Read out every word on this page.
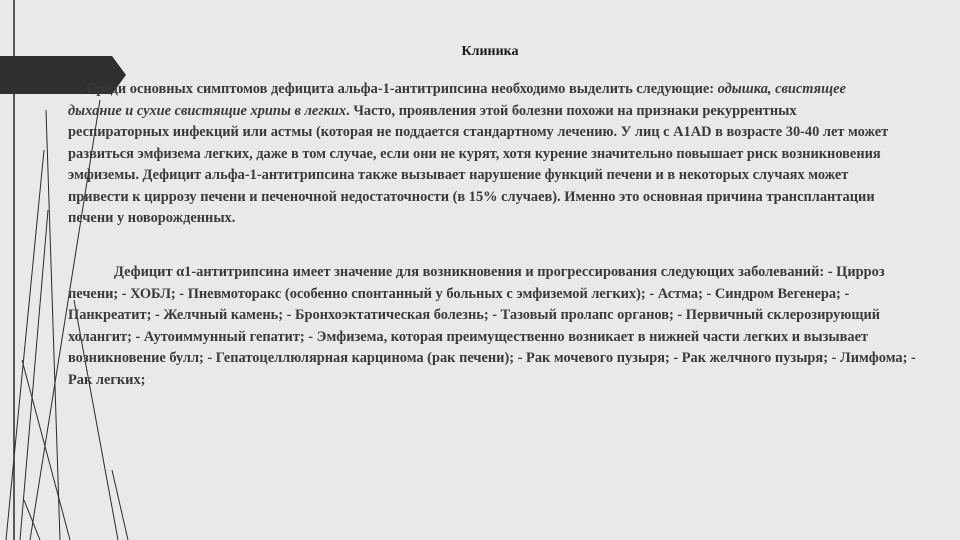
Клиника

Среди основных симптомов дефицита альфа-1-антитрипсина необходимо выделить следующие: одышка, свистящее дыхание и сухие свистящие хрипы в легких. Часто, проявления этой болезни похожи на признаки рекуррентных респираторных инфекций или астмы (которая не поддается стандартному лечению. У лиц с A1AD в возрасте 30-40 лет может развиться эмфизема легких, даже в том случае, если они не курят, хотя курение значительно повышает риск возникновения эмфиземы. Дефицит альфа-1-антитрипсина также вызывает нарушение функций печени и в некоторых случаях может привести к циррозу печени и печеночной недостаточности (в 15% случаев). Именно это основная причина трансплантации печени у новорожденных.

Дефицит α1-антитрипсина имеет значение для возникновения и прогрессирования следующих заболеваний: - Цирроз печени; - ХОБЛ; - Пневмоторакс (особенно спонтанный у больных с эмфиземой легких); - Астма; - Синдром Вегенера; - Панкреатит; - Желчный камень; - Бронхоэктатическая болезнь; - Тазовый пролапс органов; - Первичный склерозирующий холангит; - Аутоиммунный гепатит; - Эмфизема, которая преимущественно возникает в нижней части легких и вызывает возникновение булл; - Гепатоцеллюлярная карцинома (рак печени); - Рак мочевого пузыря; - Рак желчного пузыря; - Лимфома; - Рак легких;
